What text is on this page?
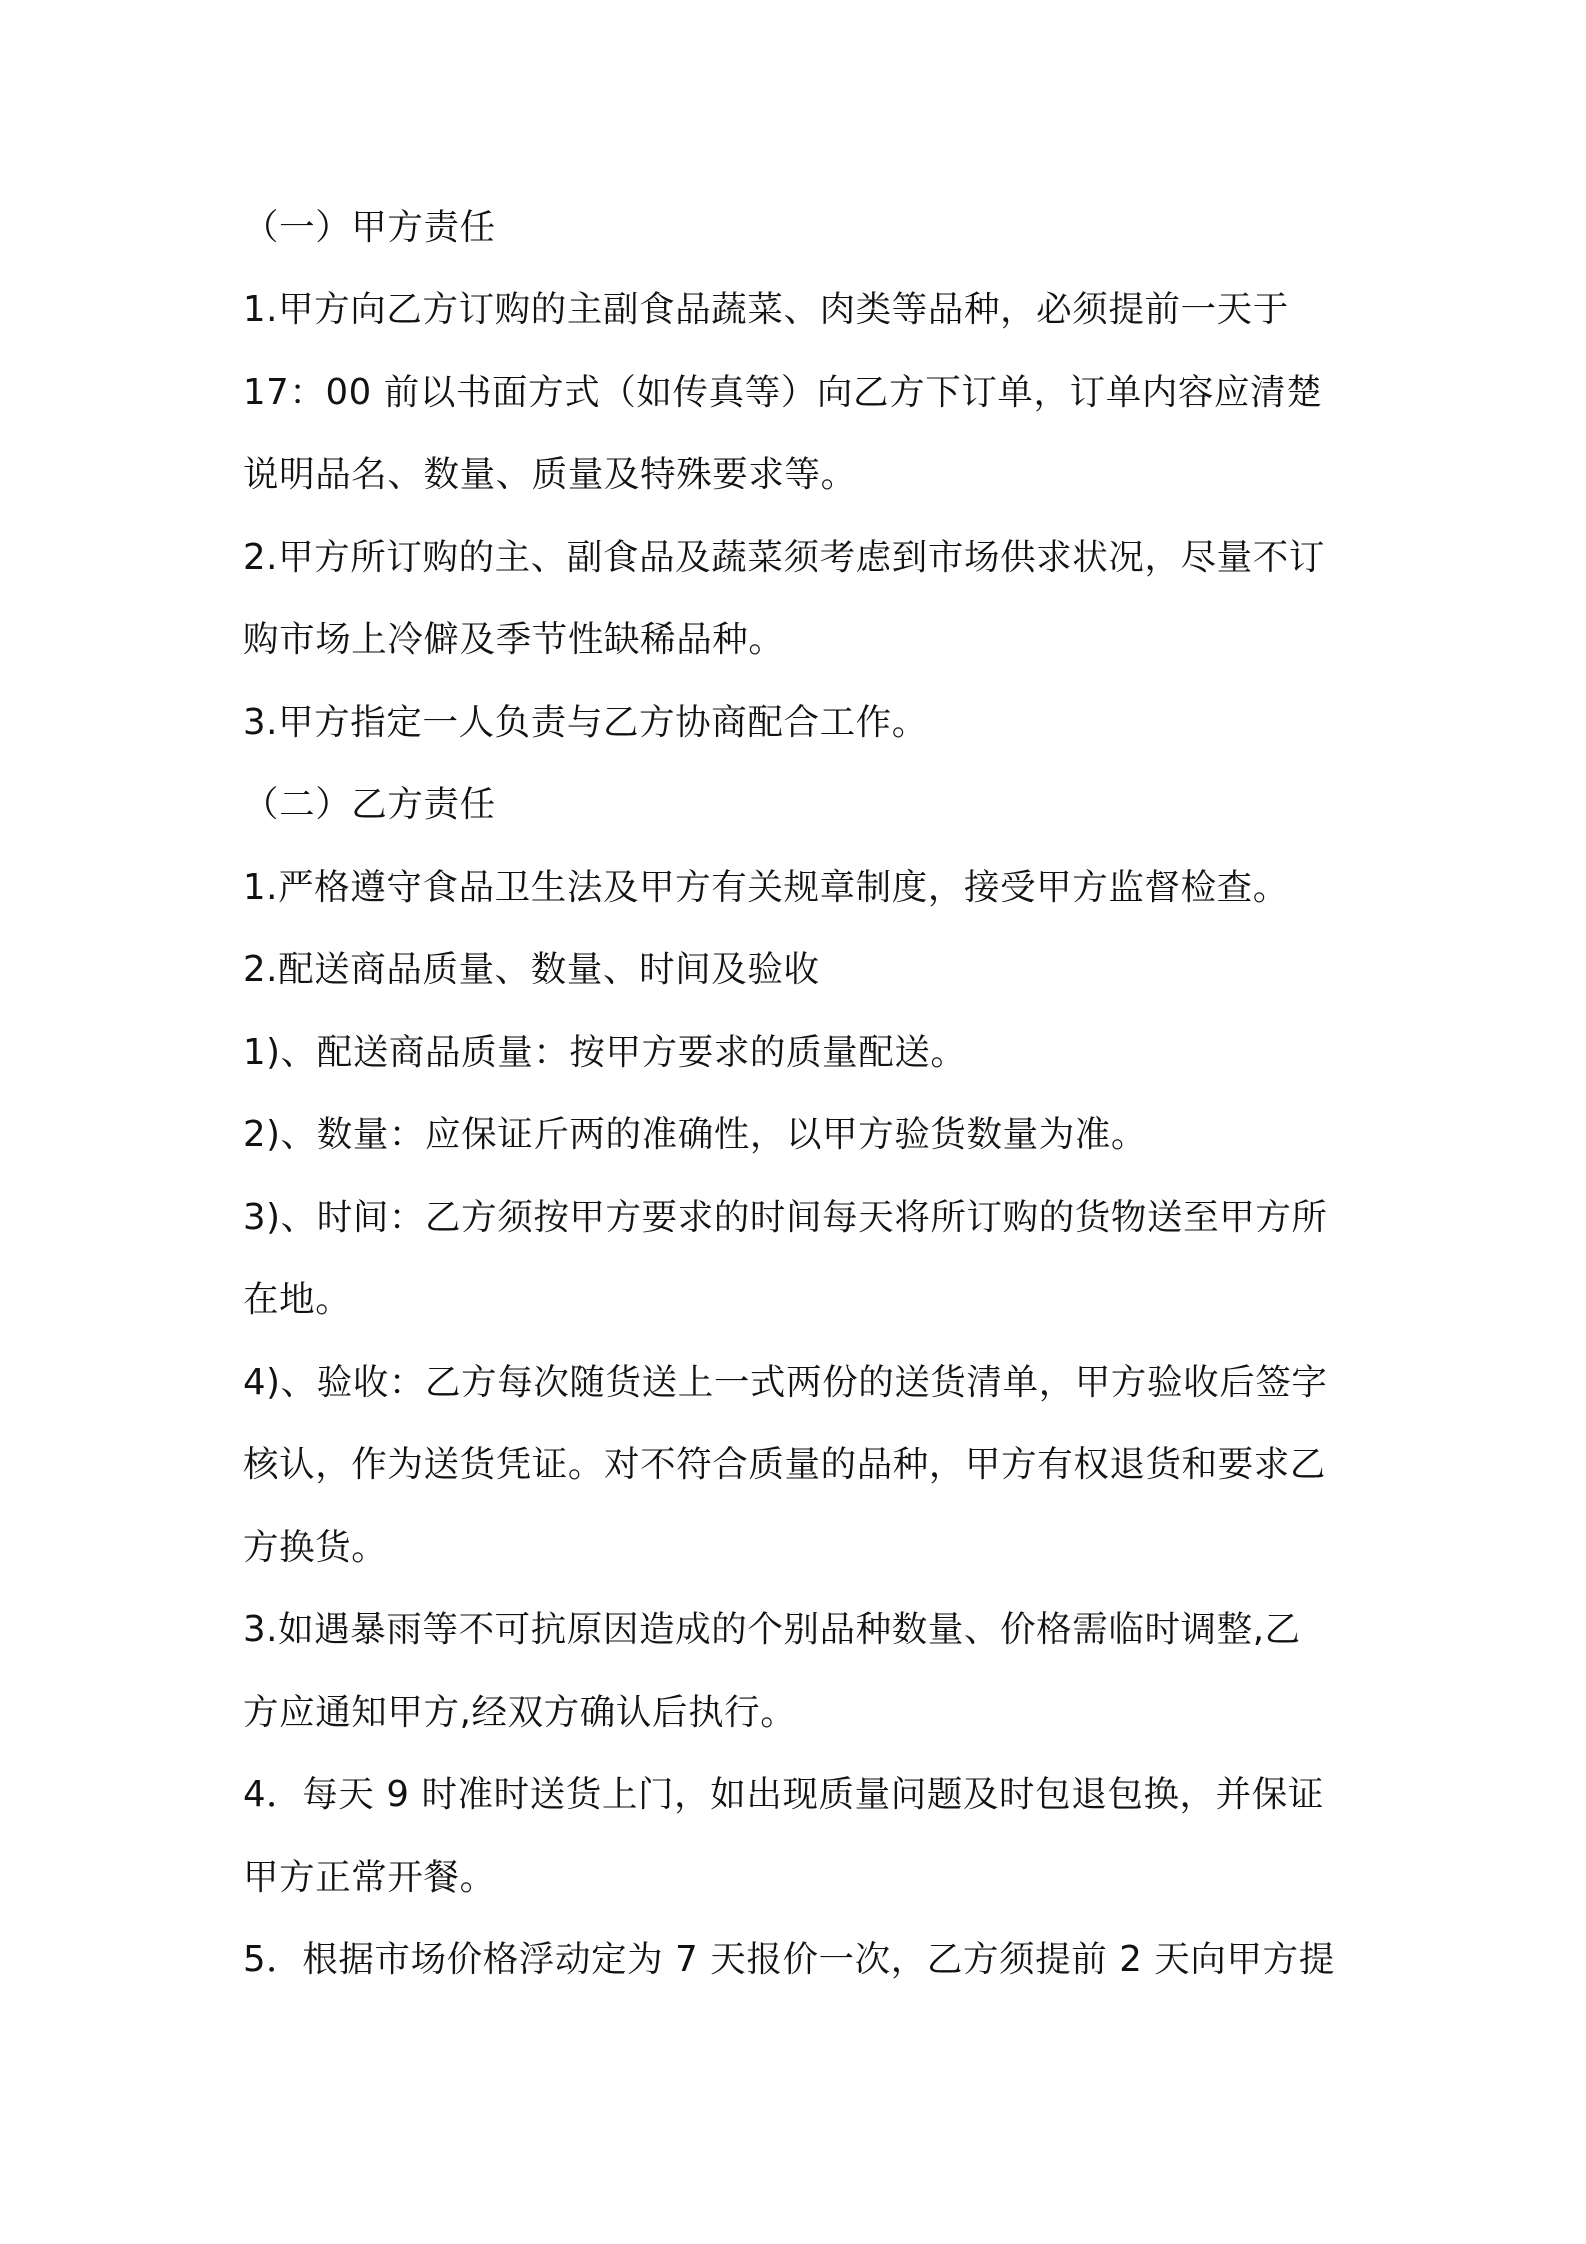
（一）甲方责任

1.甲方向乙方订购的主副食品蔬菜、肉类等品种，必须提前一天于

17：00 前以书面方式（如传真等）向乙方下订单，订单内容应清楚

说明品名、数量、质量及特殊要求等。

2.甲方所订购的主、副食品及蔬菜须考虑到市场供求状况，尽量不订

购市场上冷僻及季节性缺稀品种。

3.甲方指定一人负责与乙方协商配合工作。

（二）乙方责任

1.严格遵守食品卫生法及甲方有关规章制度，接受甲方监督检查。

2.配送商品质量、数量、时间及验收

1)、配送商品质量：按甲方要求的质量配送。

2)、数量：应保证斤两的准确性，以甲方验货数量为准。

3)、时间：乙方须按甲方要求的时间每天将所订购的货物送至甲方所

在地。

4)、验收：乙方每次随货送上一式两份的送货清单，甲方验收后签字

核认，作为送货凭证。对不符合质量的品种，甲方有权退货和要求乙

方换货。

3.如遇暴雨等不可抗原因造成的个别品种数量、价格需临时调整,乙

方应通知甲方,经双方确认后执行。

4．每天 9 时准时送货上门，如出现质量问题及时包退包换，并保证

甲方正常开餐。

5．根据市场价格浮动定为 7 天报价一次，乙方须提前 2 天向甲方提
